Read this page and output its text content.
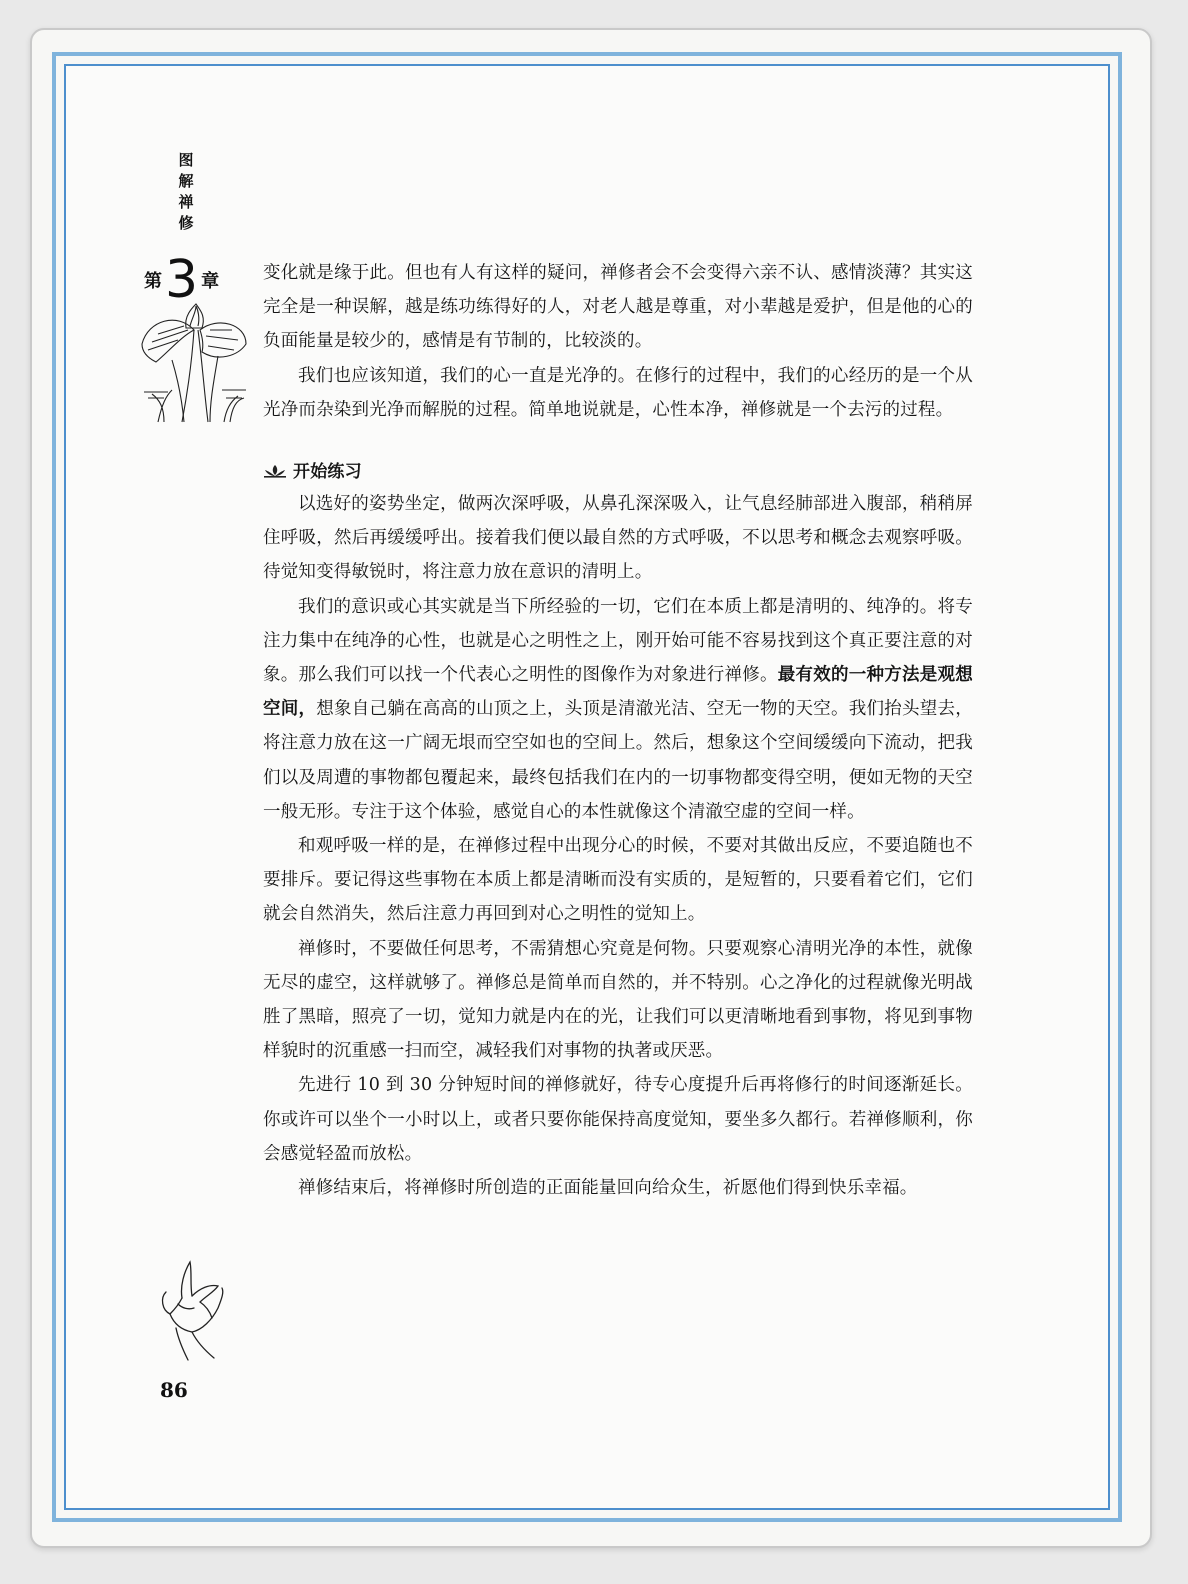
图
解
禅
修
第3 章	变化就是缘于此。但也有人有这样的疑问，禅修者会不会变得六亲不认、感情淡薄？其实这完全是一种误解，越是练功练得好的人，对老人越是尊重，对小辈越是爱护，但是他的心的负面能量是较少的，感情是有节制的，比较淡的。

我们也应该知道，我们的心一直是光净的。在修行的过程中，我们的心经历的是一个从光净而杂染到光净而解脱的过程。简单地说就是，心性本净，禅修就是一个去污的过程。

开始练习

以选好的姿势坐定，做两次深呼吸，从鼻孔深深吸入，让气息经肺部进入腹部，稍稍屏住呼吸，然后再缓缓呼出。接着我们便以最自然的方式呼吸，不以思考和概念去观察呼吸。待觉知变得敏锐时，将注意力放在意识的清明上。

我们的意识或心其实就是当下所经验的一切，它们在本质上都是清明的、纯净的。将专注力集中在纯净的心性，也就是心之明性之上，刚开始可能不容易找到这个真正要注意的对象。那么我们可以找一个代表心之明性的图像作为对象进行禅修。最有效的一种方法是观想空间，想象自己躺在高高的山顶之上，头顶是清澈光洁、空无一物的天空。我们抬头望去，将注意力放在这一广阔无垠而空空如也的空间上。然后，想象这个空间缓缓向下流动，把我们以及周遭的事物都包覆起来，最终包括我们在内的一切事物都变得空明，便如无物的天空一般无形。专注于这个体验，感觉自心的本性就像这个清澈空虚的空间一样。

和观呼吸一样的是，在禅修过程中出现分心的时候，不要对其做出反应，不要追随也不要排斥。要记得这些事物在本质上都是清晰而没有实质的，是短暂的，只要看着它们，它们就会自然消失，然后注意力再回到对心之明性的觉知上。

禅修时，不要做任何思考，不需猜想心究竟是何物。只要观察心清明光净的本性，就像无尽的虚空，这样就够了。禅修总是简单而自然的，并不特别。心之净化的过程就像光明战胜了黑暗，照亮了一切，觉知力就是内在的光，让我们可以更清晰地看到事物，将见到事物样貌时的沉重感一扫而空，减轻我们对事物的执著或厌恶。

先进行 10 到 30 分钟短时间的禅修就好，待专心度提升后再将修行的时间逐渐延长。你或许可以坐个一小时以上，或者只要你能保持高度觉知，要坐多久都行。若禅修顺利，你会感觉轻盈而放松。

禅修结束后，将禅修时所创造的正面能量回向给众生，祈愿他们得到快乐幸福。

86
